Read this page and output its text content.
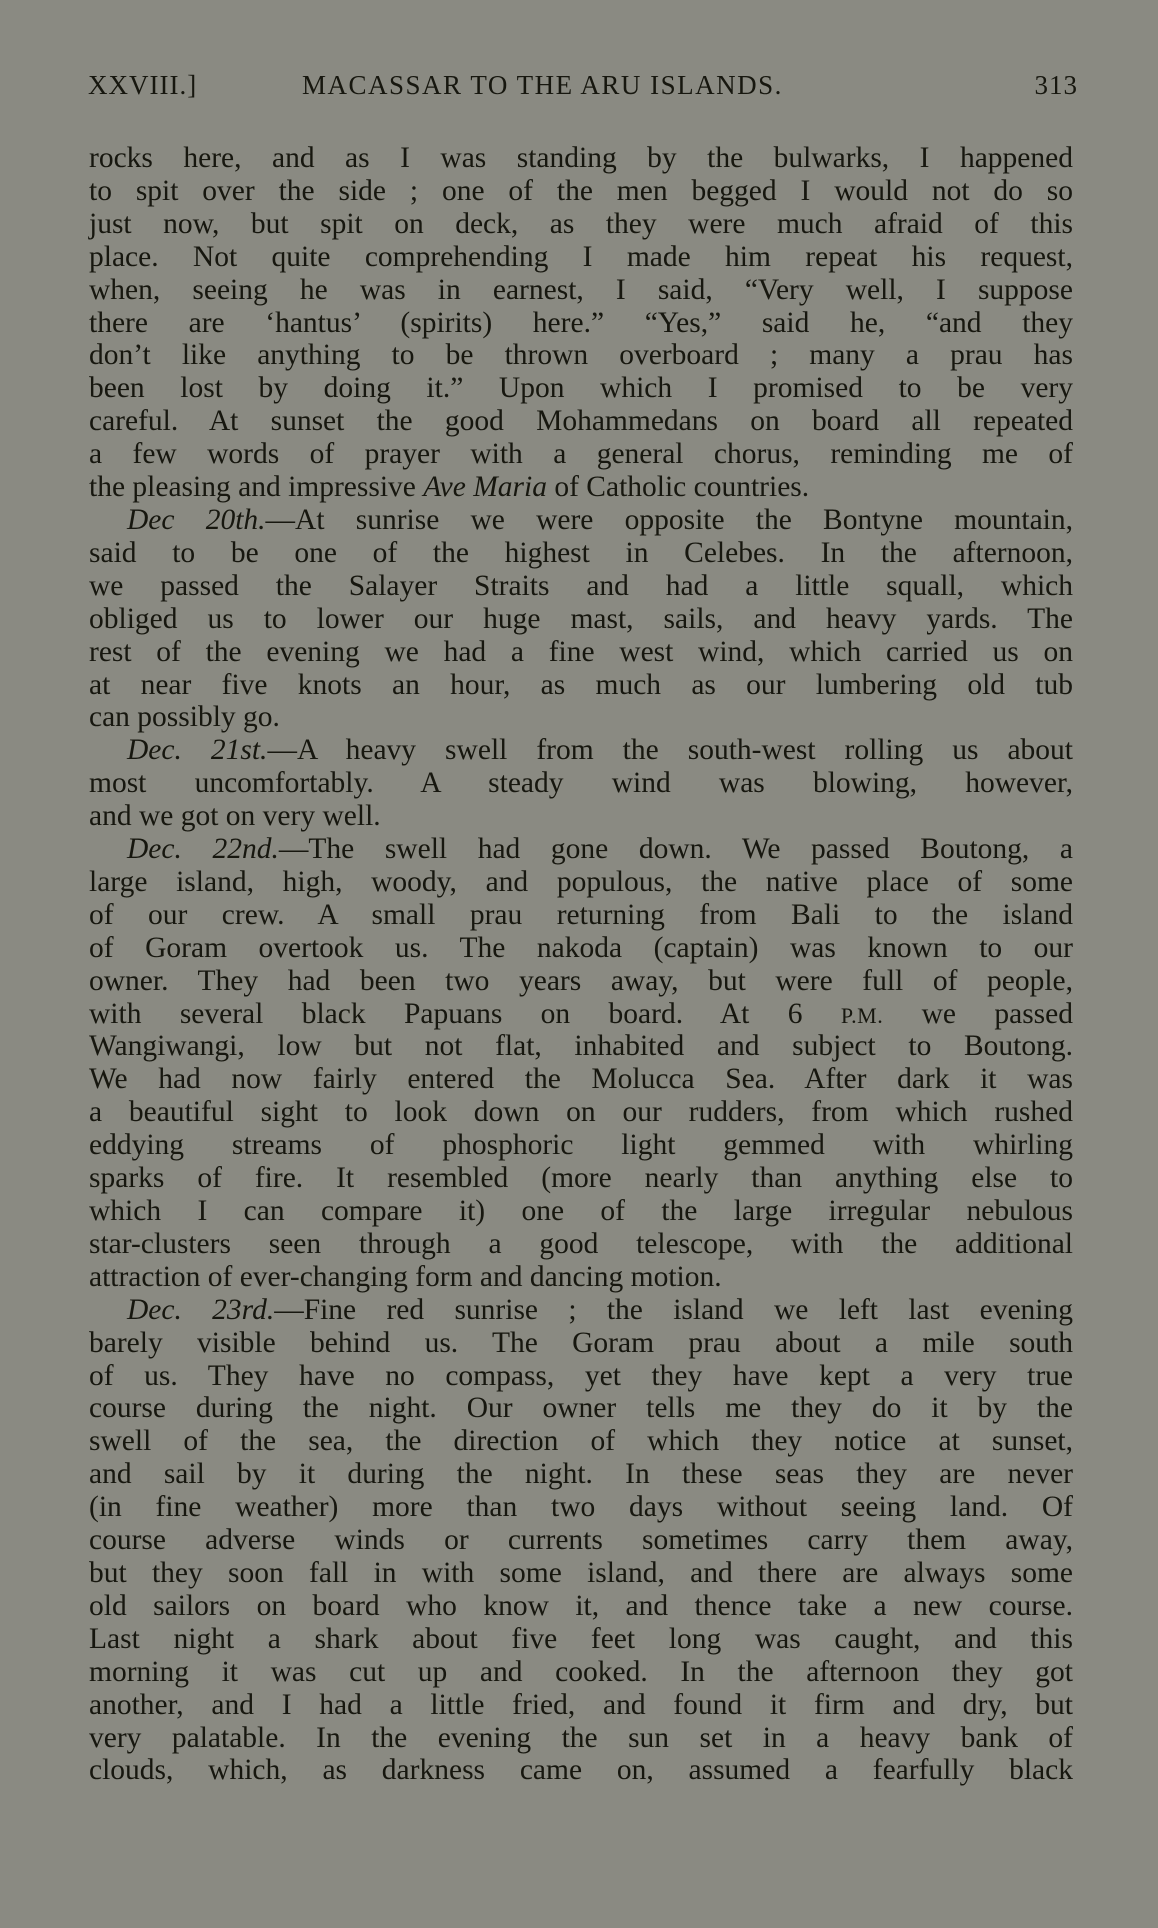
XXVIII.]	MACASSAR TO THE ARU ISLANDS.	313
rocks here, and as I was standing by the bulwarks, I happened
to spit over the side ; one of the men begged I would not do so
just now, but spit on deck, as they were much afraid of this
place. Not quite comprehending I made him repeat his request,
when, seeing he was in earnest, I said, “Very well, I suppose
there are ‘hantus’ (spirits) here.” “Yes,” said he, “and they
don’t like anything to be thrown overboard ; many a prau has
been lost by doing it.” Upon which I promised to be very
careful. At sunset the good Mohammedans on board all repeated
a few words of prayer with a general chorus, reminding me of
the pleasing and impressive Ave Maria of Catholic countries.
Dec 20th.—At sunrise we were opposite the Bontyne mountain,
said to be one of the highest in Celebes. In the afternoon,
we passed the Salayer Straits and had a little squall, which
obliged us to lower our huge mast, sails, and heavy yards. The
rest of the evening we had a fine west wind, which carried us on
at near five knots an hour, as much as our lumbering old tub
can possibly go.
Dec. 21st.—A heavy swell from the south-west rolling us about
most uncomfortably. A steady wind was blowing, however,
and we got on very well.
Dec. 22nd.—The swell had gone down. We passed Boutong, a
large island, high, woody, and populous, the native place of some
of our crew. A small prau returning from Bali to the island
of Goram overtook us. The nakoda (captain) was known to our
owner. They had been two years away, but were full of people,
with several black Papuans on board. At 6 P.M. we passed
Wangiwangi, low but not flat, inhabited and subject to Boutong.
We had now fairly entered the Molucca Sea. After dark it was
a beautiful sight to look down on our rudders, from which rushed
eddying streams of phosphoric light gemmed with whirling
sparks of fire. It resembled (more nearly than anything else to
which I can compare it) one of the large irregular nebulous
star-clusters seen through a good telescope, with the additional
attraction of ever-changing form and dancing motion.
Dec. 23rd.—Fine red sunrise ; the island we left last evening
barely visible behind us. The Goram prau about a mile south
of us. They have no compass, yet they have kept a very true
course during the night. Our owner tells me they do it by the
swell of the sea, the direction of which they notice at sunset,
and sail by it during the night. In these seas they are never
(in fine weather) more than two days without seeing land. Of
course adverse winds or currents sometimes carry them away,
but they soon fall in with some island, and there are always some
old sailors on board who know it, and thence take a new course.
Last night a shark about five feet long was caught, and this
morning it was cut up and cooked. In the afternoon they got
another, and I had a little fried, and found it firm and dry, but
very palatable. In the evening the sun set in a heavy bank of
clouds, which, as darkness came on, assumed a fearfully black
